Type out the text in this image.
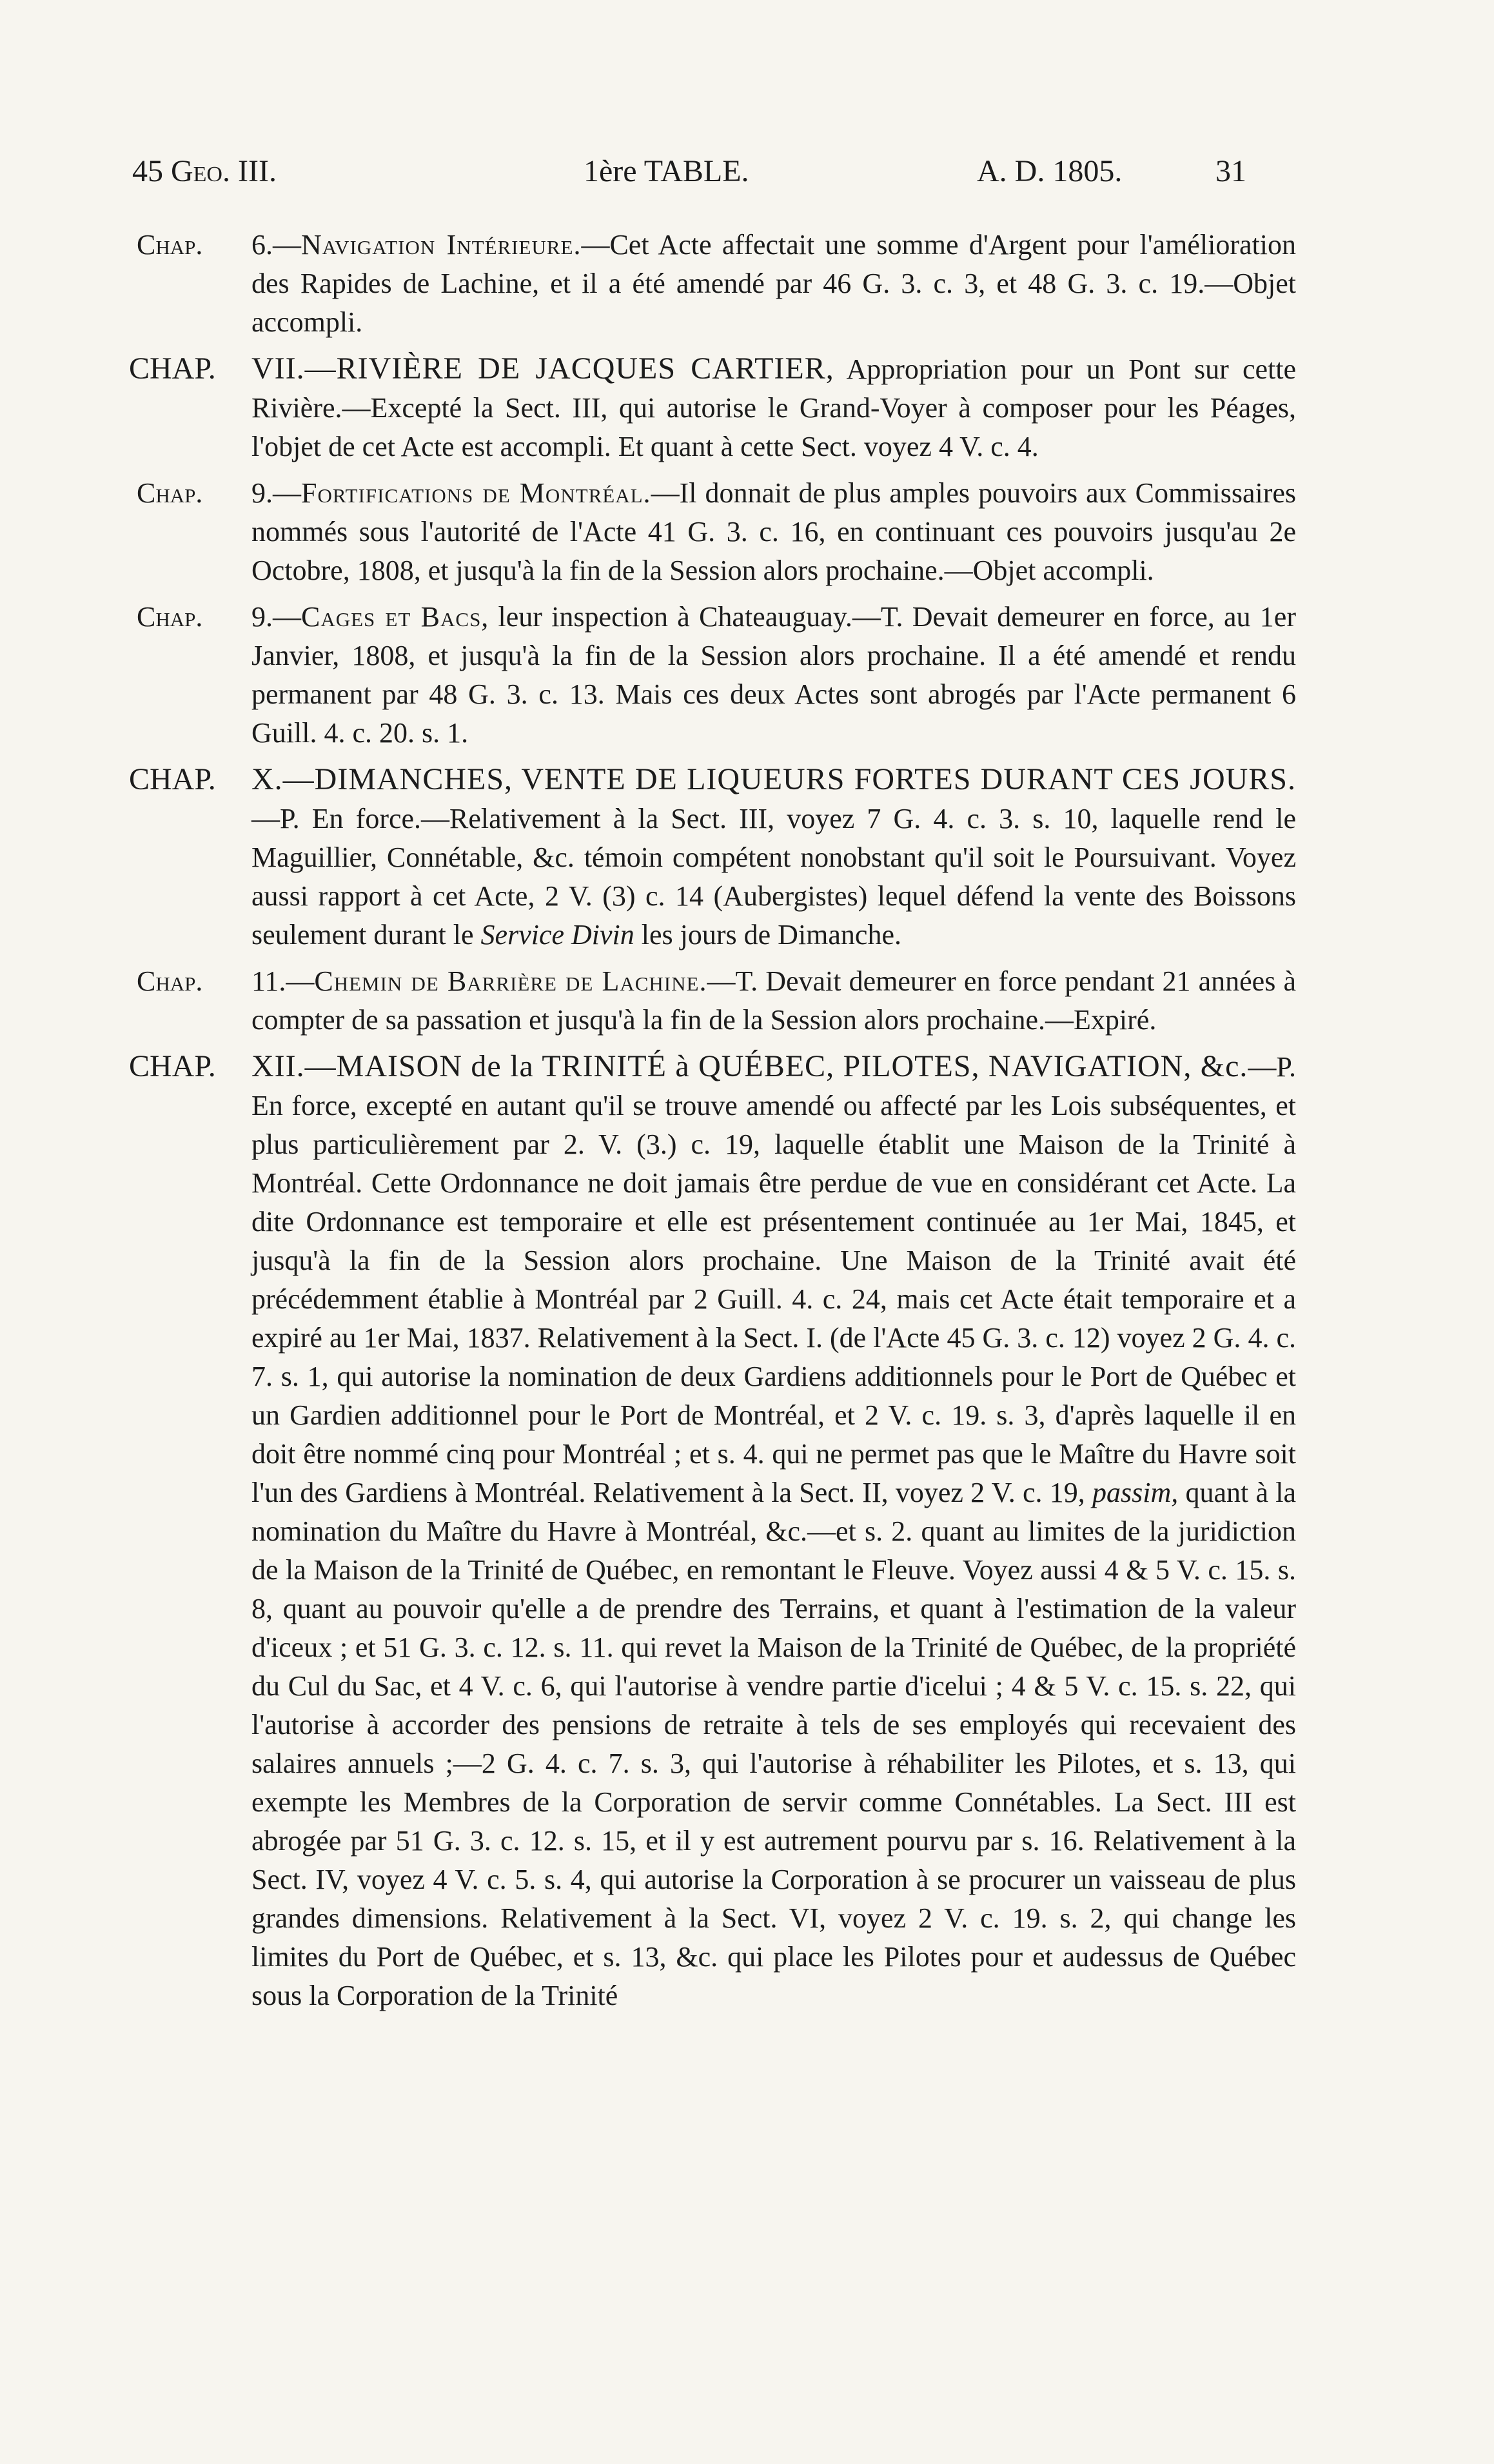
45 Geo. III.	1ère TABLE.	A. D. 1805.	31
Chap. 6.—Navigation Intérieure.—Cet Acte affectait une somme d'Argent pour l'amélioration des Rapides de Lachine, et il a été amendé par 46 G. 3. c. 3, et 48 G. 3. c. 19.—Objet accompli.
CHAP. VII.—RIVIÈRE DE JACQUES CARTIER, Appropriation pour un Pont sur cette Rivière.—Excepté la Sect. III, qui autorise le Grand-Voyer à composer pour les Péages, l'objet de cet Acte est accompli. Et quant à cette Sect. voyez 4 V. c. 4.
Chap. 9.—Fortifications de Montréal.—Il donnait de plus amples pouvoirs aux Commissaires nommés sous l'autorité de l'Acte 41 G. 3. c. 16, en continuant ces pouvoirs jusqu'au 2e Octobre, 1808, et jusqu'à la fin de la Session alors prochaine.—Objet accompli.
Chap. 9.—Cages et Bacs, leur inspection à Chateauguay.—T. Devait demeurer en force, au 1er Janvier, 1808, et jusqu'à la fin de la Session alors prochaine. Il a été amendé et rendu permanent par 48 G. 3. c. 13. Mais ces deux Actes sont abrogés par l'Acte permanent 6 Guill. 4. c. 20. s. 1.
CHAP. X.—DIMANCHES, VENTE DE LIQUEURS FORTES DURANT CES JOURS.—P. En force.—Relativement à la Sect. III, voyez 7 G. 4. c. 3. s. 10, laquelle rend le Maguillier, Connétable, &c. témoin compétent nonobstant qu'il soit le Poursuivant. Voyez aussi rapport à cet Acte, 2 V. (3) c. 14 (Aubergistes) lequel défend la vente des Boissons seulement durant le Service Divin les jours de Dimanche.
Chap. 11.—Chemin de Barrière de Lachine.—T. Devait demeurer en force pendant 21 années à compter de sa passation et jusqu'à la fin de la Session alors prochaine.—Expiré.
CHAP. XII.—MAISON de la TRINITÉ à QUÉBEC, PILOTES, NAVIGATION, &c.—P. En force, excepté en autant qu'il se trouve amendé ou affecté par les Lois subséquentes, et plus particulièrement par 2. V. (3.) c. 19, laquelle établit une Maison de la Trinité à Montréal. Cette Ordonnance ne doit jamais être perdue de vue en considérant cet Acte. La dite Ordonnance est temporaire et elle est présentement continuée au 1er Mai, 1845, et jusqu'à la fin de la Session alors prochaine. Une Maison de la Trinité avait été précédemment établie à Montréal par 2 Guill. 4. c. 24, mais cet Acte était temporaire et a expiré au 1er Mai, 1837. Relativement à la Sect. I. (de l'Acte 45 G. 3. c. 12) voyez 2 G. 4. c. 7. s. 1, qui autorise la nomination de deux Gardiens additionnels pour le Port de Québec et un Gardien additionnel pour le Port de Montréal, et 2 V. c. 19. s. 3, d'après laquelle il en doit être nommé cinq pour Montréal ; et s. 4. qui ne permet pas que le Maître du Havre soit l'un des Gardiens à Montréal. Relativement à la Sect. II, voyez 2 V. c. 19, passim, quant à la nomination du Maître du Havre à Montréal, &c.—et s. 2. quant au limites de la juridiction de la Maison de la Trinité de Québec, en remontant le Fleuve. Voyez aussi 4 & 5 V. c. 15. s. 8, quant au pouvoir qu'elle a de prendre des Terrains, et quant à l'estimation de la valeur d'iceux ; et 51 G. 3. c. 12. s. 11. qui revet la Maison de la Trinité de Québec, de la propriété du Cul du Sac, et 4 V. c. 6, qui l'autorise à vendre partie d'icelui ; 4 & 5 V. c. 15. s. 22, qui l'autorise à accorder des pensions de retraite à tels de ses employés qui recevaient des salaires annuels ;—2 G. 4. c. 7. s. 3, qui l'autorise à réhabiliter les Pilotes, et s. 13, qui exempte les Membres de la Corporation de servir comme Connétables. La Sect. III est abrogée par 51 G. 3. c. 12. s. 15, et il y est autrement pourvu par s. 16. Relativement à la Sect. IV, voyez 4 V. c. 5. s. 4, qui autorise la Corporation à se procurer un vaisseau de plus grandes dimensions. Relativement à la Sect. VI, voyez 2 V. c. 19. s. 2, qui change les limites du Port de Québec, et s. 13, &c. qui place les Pilotes pour et audessus de Québec sous la Corporation de la Trinité
